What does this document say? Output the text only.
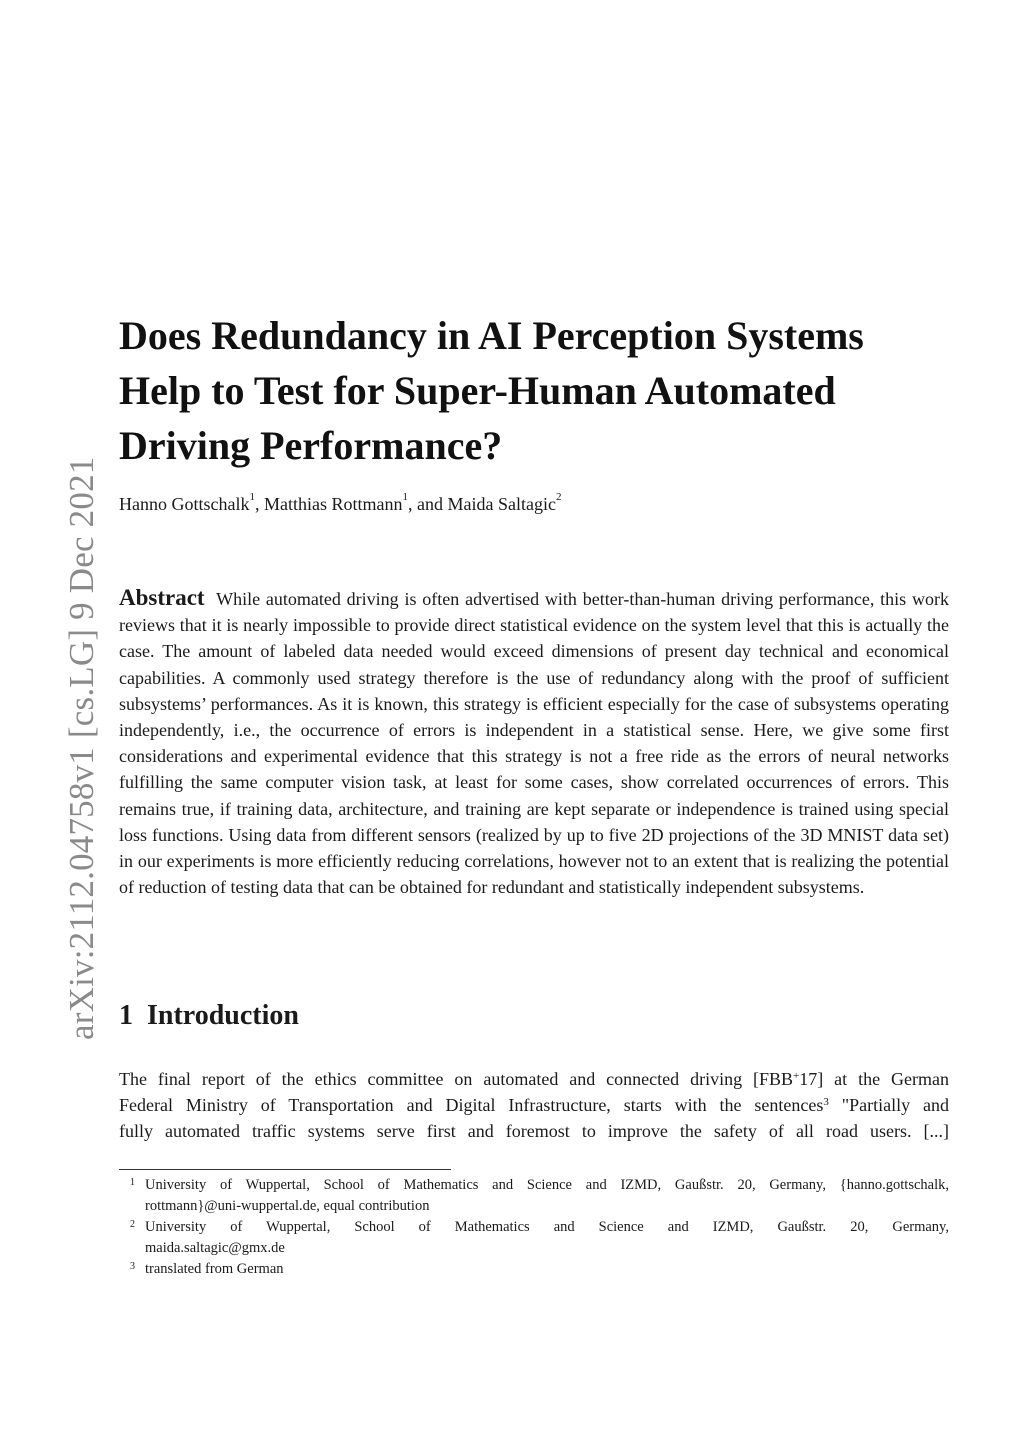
arXiv:2112.04758v1 [cs.LG] 9 Dec 2021
Does Redundancy in AI Perception Systems
Help to Test for Super-Human Automated
Driving Performance?
Hanno Gottschalk$^1$, Matthias Rottmann$^1$, and Maida Saltagic$^2$
Abstract While automated driving is often advertised with better-than-human driving performance, this work reviews that it is nearly impossible to provide direct statistical evidence on the system level that this is actually the case. The amount of labeled data needed would exceed dimensions of present day technical and economical capabilities. A commonly used strategy therefore is the use of redundancy along with the proof of sufficient subsystems’ performances. As it is known, this strategy is efficient especially for the case of subsystems operating independently, i.e., the occurrence of errors is independent in a statistical sense. Here, we give some first considerations and experimental evidence that this strategy is not a free ride as the errors of neural networks fulfilling the same computer vision task, at least for some cases, show correlated occurrences of errors. This remains true, if training data, architecture, and training are kept separate or independence is trained using special loss functions. Using data from different sensors (realized by up to five 2D projections of the 3D MNIST data set) in our experiments is more efficiently reducing correlations, however not to an extent that is realizing the potential of reduction of testing data that can be obtained for redundant and statistically independent subsystems.
1 Introduction
The final report of the ethics committee on automated and connected driving [FBB+17] at the German
Federal Ministry of Transportation and Digital Infrastructure, starts with the sentences$^3$ "Partially and
fully automated traffic systems serve first and foremost to improve the safety of all road users. [...]
1 University of Wuppertal, School of Mathematics and Science and IZMD, Gaußstr. 20, Germany, {hanno.gottschalk,
rottmann}@uni-wuppertal.de, equal contribution
2 University of Wuppertal, School of Mathematics and Science and IZMD, Gaußstr. 20, Germany,
maida.saltagic@gmx.de
3 translated from German
